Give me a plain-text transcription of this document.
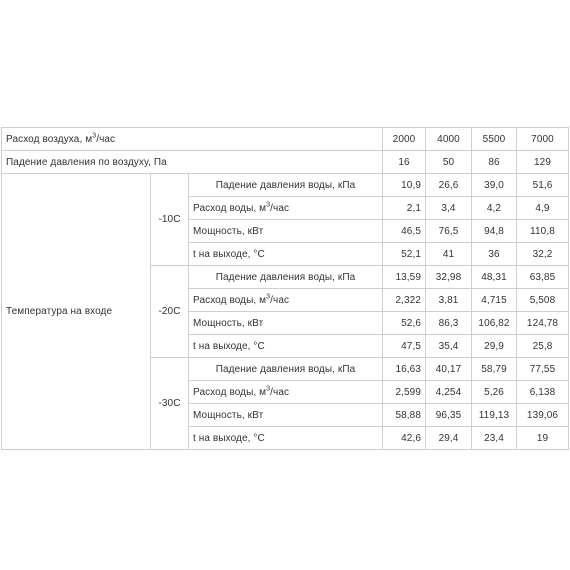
Расход воздуха, $м^3$/час			2000	4000	5500	7000
Падение давления по воздуху, Па			16	50	86	129
Температура на входе	-10С	Падение давления воды, кПа	10,9	26,6	39,0	51,6
		Расход воды, $м^3$/час	2,1	3,4	4,2	4,9
		Мощность, кВт	46,5	76,5	94,8	110,8
		t на выходе, °С	52,1	41	36	32,2
	-20С	Падение давления воды, кПа	13,59	32,98	48,31	63,85
		Расход воды, $м^3$/час	2,322	3,81	4,715	5,508
		Мощность, кВт	52,6	86,3	106,82	124,78
		t на выходе, °С	47,5	35,4	29,9	25,8
	-30С	Падение давления воды, кПа	16,63	40,17	58,79	77,55
		Расход воды, $м^3$/час	2,599	4,254	5,26	6,138
		Мощность, кВт	58,88	96,35	119,13	139,06
		t на выходе, °С	42,6	29,4	23,4	19
